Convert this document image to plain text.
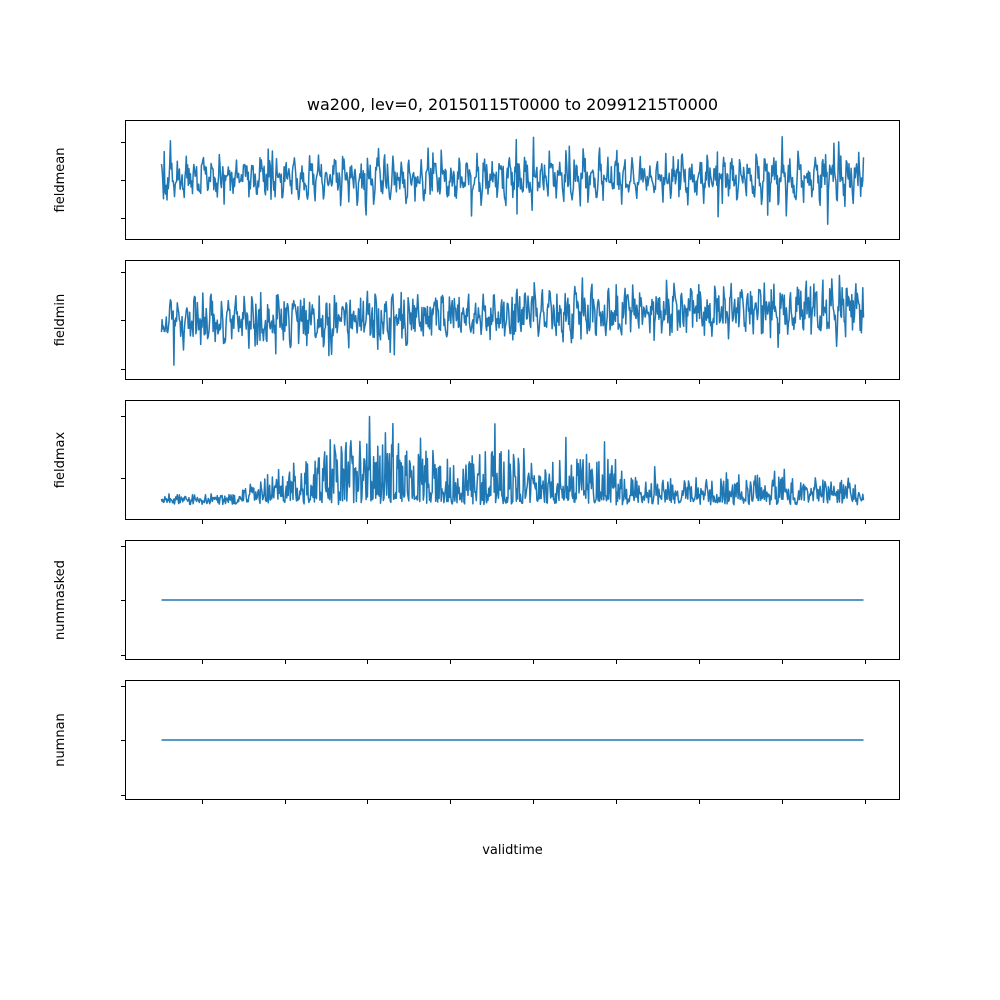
wa200, lev=0, 20150115T0000 to 20991215T0000
fieldmean
fieldmin
fieldmax
nummasked
numnan
validtime
